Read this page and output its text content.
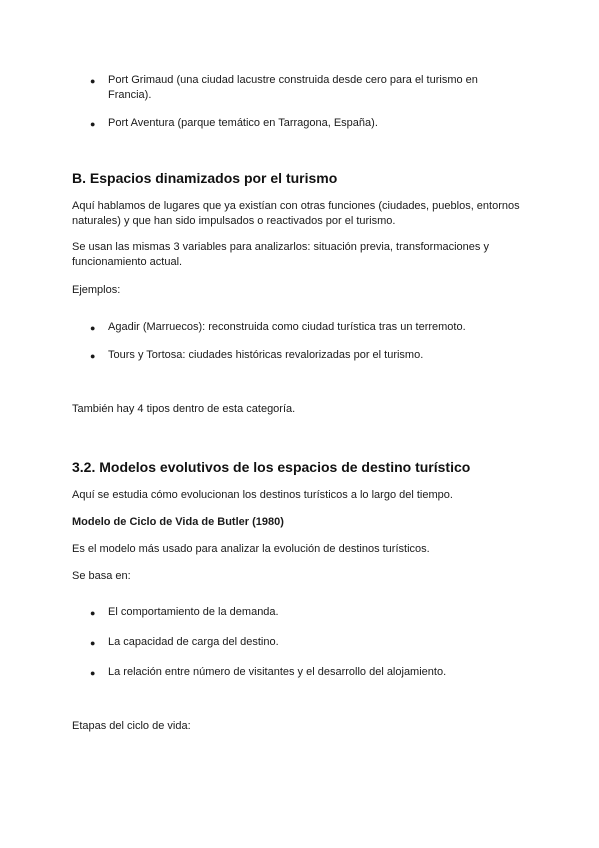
● Port Grimaud (una ciudad lacustre construida desde cero para el turismo en Francia).

● Port Aventura (parque temático en Tarragona, España).

B. Espacios dinamizados por el turismo

Aquí hablamos de lugares que ya existían con otras funciones (ciudades, pueblos, entornos naturales) y que han sido impulsados o reactivados por el turismo.

Se usan las mismas 3 variables para analizarlos: situación previa, transformaciones y funcionamiento actual.

Ejemplos:

● Agadir (Marruecos): reconstruida como ciudad turística tras un terremoto.

● Tours y Tortosa: ciudades históricas revalorizadas por el turismo.

También hay 4 tipos dentro de esta categoría.

3.2. Modelos evolutivos de los espacios de destino turístico

Aquí se estudia cómo evolucionan los destinos turísticos a lo largo del tiempo.

Modelo de Ciclo de Vida de Butler (1980)

Es el modelo más usado para analizar la evolución de destinos turísticos.

Se basa en:

● El comportamiento de la demanda.

● La capacidad de carga del destino.

● La relación entre número de visitantes y el desarrollo del alojamiento.

Etapas del ciclo de vida:
